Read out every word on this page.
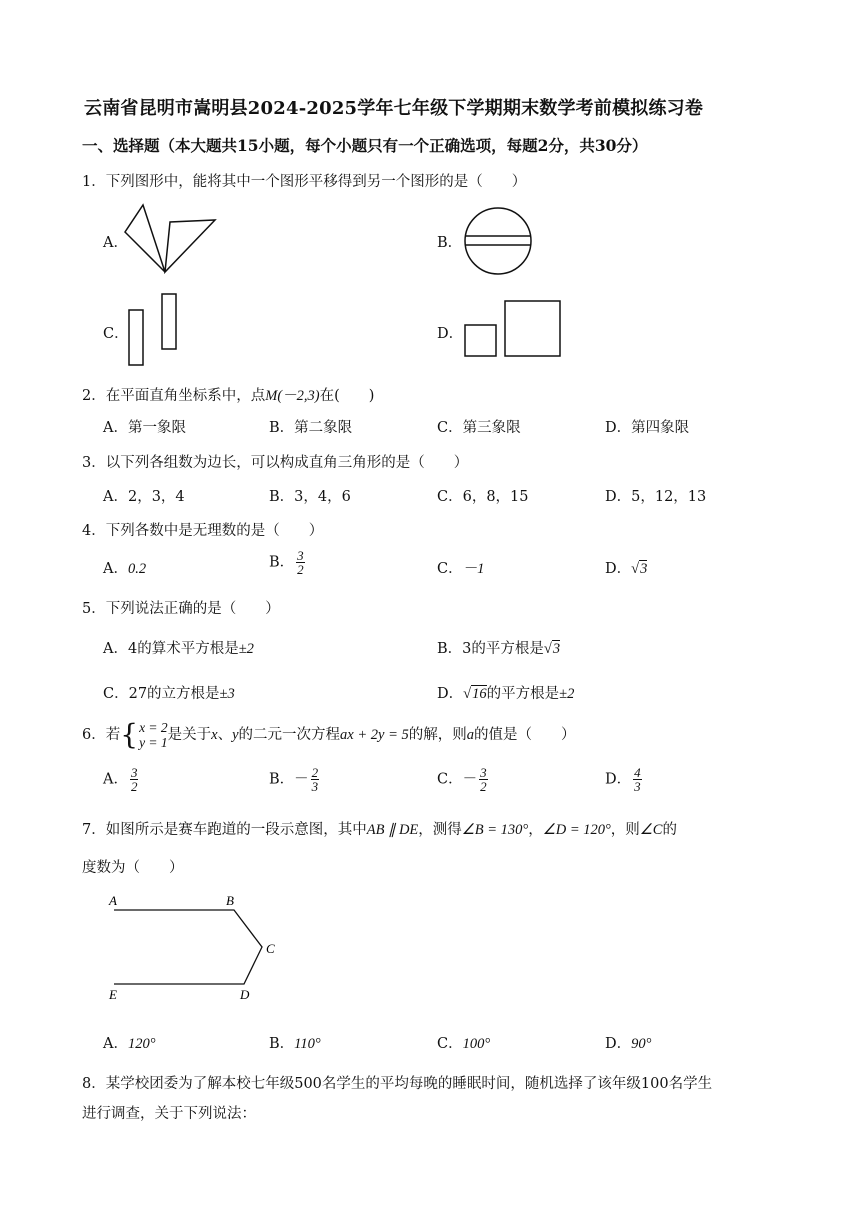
云南省昆明市嵩明县2024-2025学年七年级下学期期末数学考前模拟练习卷
一、选择题（本大题共15小题，每个小题只有一个正确选项，每题2分，共30分）
1．下列图形中，能将其中一个图形平移得到另一个图形的是（　　）
A．	B．
C．	D．
2．在平面直角坐标系中，点M(－2,3)在(　　)
A．第一象限	B．第二象限	C．第三象限	D．第四象限
3．以下列各组数为边长，可以构成直角三角形的是（　　）
A．2，3，4	B．3，4，6	C．6，8，15	D．5，12，13
4．下列各数中是无理数的是（　　）
A．0.2	B． $\frac{3}{2}$	C．－1	D．√3
5．下列说法正确的是（　　）
A．4的算术平方根是±2	B．3的平方根是√3
C．27的立方根是±3	D．√16的平方根是±2
6．若 { x = 2
y = 1 是关于x、y的二元一次方程ax + 2y = 5的解，则a的值是（　　）
A． $\frac{3}{2}$	B．－ $\frac{2}{3}$	C．－ $\frac{3}{2}$	D． $\frac{4}{3}$
7．如图所示是赛车跑道的一段示意图，其中AB ∥ DE，测得∠B = 130°，∠D = 120°，则∠C的
度数为（　　）
A	B
C
D
E
A．120°	B．110°	C．100°	D．90°
8．某学校团委为了解本校七年级500名学生的平均每晚的睡眠时间，随机选择了该年级100名学生
进行调查，关于下列说法：
